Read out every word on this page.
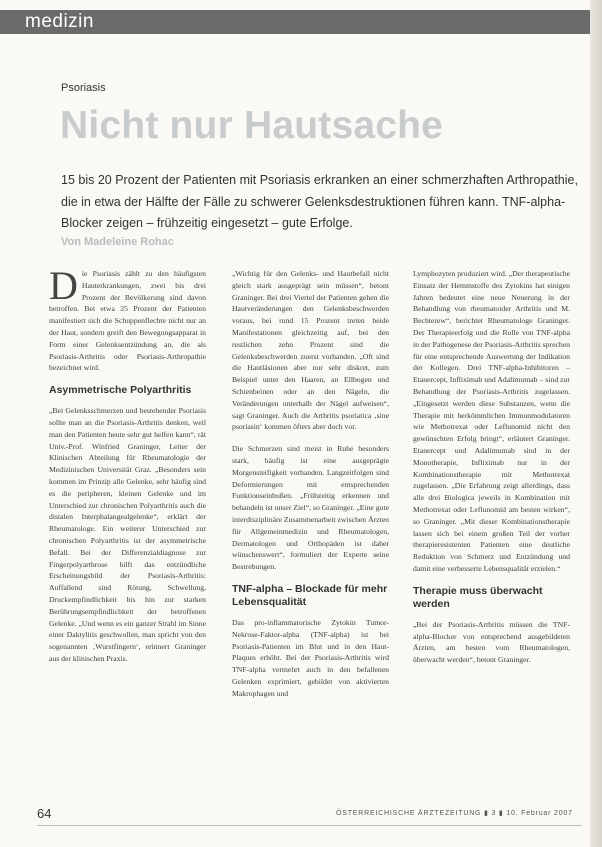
medizin
Psoriasis
Nicht nur Hautsache
15 bis 20 Prozent der Patienten mit Psoriasis erkranken an einer schmerzhaften Arthropathie, die in etwa der Hälfte der Fälle zu schwerer Gelenksdestruktionen führen kann. TNF-alpha-Blocker zeigen – frühzeitig eingesetzt – gute Erfolge.
Von Madeleine Rohac

Die Psoriasis zählt zu den häufigsten Hauterkrankungen, zwei bis drei Prozent der Bevölkerung sind davon betroffen. Bei etwa 25 Prozent der Patienten manifestiert sich die Schuppenflechte nicht nur an der Haut, sondern greift den Bewegungsapparat in Form einer Gelenksentzündung an, die als Psoriasis-Arthritis oder Psoriasis-Arthropathie bezeichnet wird.

Asymmetrische Polyarthritis

„Bei Gelenksschmerzen und bestehender Psoriasis sollte man an die Psoriasis-Arthritis denken, weil man den Patienten heute sehr gut helfen kann“, rät Univ.-Prof. Winfried Graninger, Leiter der Klinischen Abteilung für Rheumatologie der Medizinischen Universität Graz. „Besonders sein kommen im Prinzip alle Gelenke, sehr häufig sind es die peripheren, kleinen Gelenke und im Unterschied zur chronischen Polyarthritis auch die distalen Interphalangealgelenke“, erklärt der Rheumatologe. Ein weiterer Unterschied zur chronischen Polyarthritis ist der asymmetrische Befall. Bei der Differenzialdiagnose zur Fingerpolyarthrose hilft das entzündliche Erscheinungsbild der Psoriasis-Arthritis: Auffallend sind Rötung, Schwellung, Druckempfindlichkeit bis hin zur starken Berührungsempfindlichkeit der betroffenen Gelenke. „Und wenn es ein ganzer Strahl im Sinne einer Daktylitis geschwollen, man spricht von den sogenannten ‚Wurstfingern‘, erinnert Graninger aus der klinischen Praxis.

„Wichtig für den Gelenks- und Hautbefall nicht gleich stark ausgeprägt sein müssen“, betont Graninger. Bei drei Viertel der Patienten gehen die Hautveränderungen den Gelenksbeschwerden voraus, bei rund 15 Prozent treten beide Manifestationen gleichzeitig auf, bei den restlichen zehn Prozent sind die Gelenksbeschwerden zuerst vorhanden. „Oft sind die Hautläsionen aber nur sehr diskret, zum Beispiel unter den Haaren, an Ellbogen und Schienbeinen oder an den Nägeln, die Veränderungen unterhalb der Nägel aufweisen“, sagt Graninger. Auch die Arthritis psoriatica ‚sine psoriasin‘ kommen öfters aber doch vor.

Die Schmerzen sind meist in Ruhe besonders stark, häufig ist eine ausgeprägte Morgensteifigkeit vorhanden. Langzeitfolgen sind Deformierungen mit entsprechenden Funktionseinbußen. „Frühzeitig erkennen und behandeln ist unser Ziel“, so Graninger. „Eine gute interdisziplinäre Zusammenarbeit zwischen Ärzten für Allgemeinmedizin und Rheumatologen, Dermatologen und Orthopäden ist daher wünschenswert“, formuliert der Experte seine Bestrebungen.

TNF-alpha – Blockade für mehr Lebensqualität

Das pro-inflammatorische Zytokin Tumor-Nekrose-Faktor-alpha (TNF-alpha) ist bei Psoriasis-Patienten im Blut und in den Haut-Plaques erhöht. Bei der Psoriasis-Arthritis wird TNF-alpha vermehrt auch in den befallenen Gelenken exprimiert, gebildet von aktivierten Makrophagen und

Lymphozyten produziert wird. „Der therapeutische Einsatz der Hemmstoffe des Zytokins hat einigen Jahren bedeutet eine neue Neuerung in der Behandlung von rheumatoider Arthritis und M. Bechterew“, berichtet Rheumatologe Graninger. Der Therapieerfolg und die Rolle von TNF-alpha in der Pathogenese der Psoriasis-Arthritis sprechen für eine entsprechende Auswertung der Indikation der Kollegen. Drei TNF-alpha-Inhibitoren – Etanercept, Infliximab und Adalimumab – sind zur Behandlung der Psoriasis-Arthritis zugelassen. „Eingesetzt werden diese Substanzen, wenn die Therapie mit herkömmlichen Immunmodulatoren wie Methotrexat oder Leflunomid nicht den gewünschten Erfolg bringt“, erläutert Graninger. Etanercept und Adalimumab sind in der Monotherapie, Infliximab nur in der Kombinationstherapie mit Methotrexat zugelassen. „Die Erfahrung zeigt allerdings, dass alle drei Biologica jeweils in Kombination mit Methotrexat oder Leflunomid am besten wirken“, so Graninger. „Mit dieser Kombinationstherapie lassen sich bei einem großen Teil der vorher therapieresistenten Patienten eine deutliche Reduktion von Schmerz und Entzündung und damit eine verbesserte Lebensqualität erzielen.“

Therapie muss überwacht werden

„Bei der Psoriasis-Arthritis müssen die TNF-alpha-Blocker von entsprechend ausgebildeten Ärzten, am besten vom Rheumatologen, überwacht werden“, betont Graninger.

64	ÖSTERREICHISCHE ÄRZTEZEITUNG ▮ 3 ▮ 10. Februar 2007
